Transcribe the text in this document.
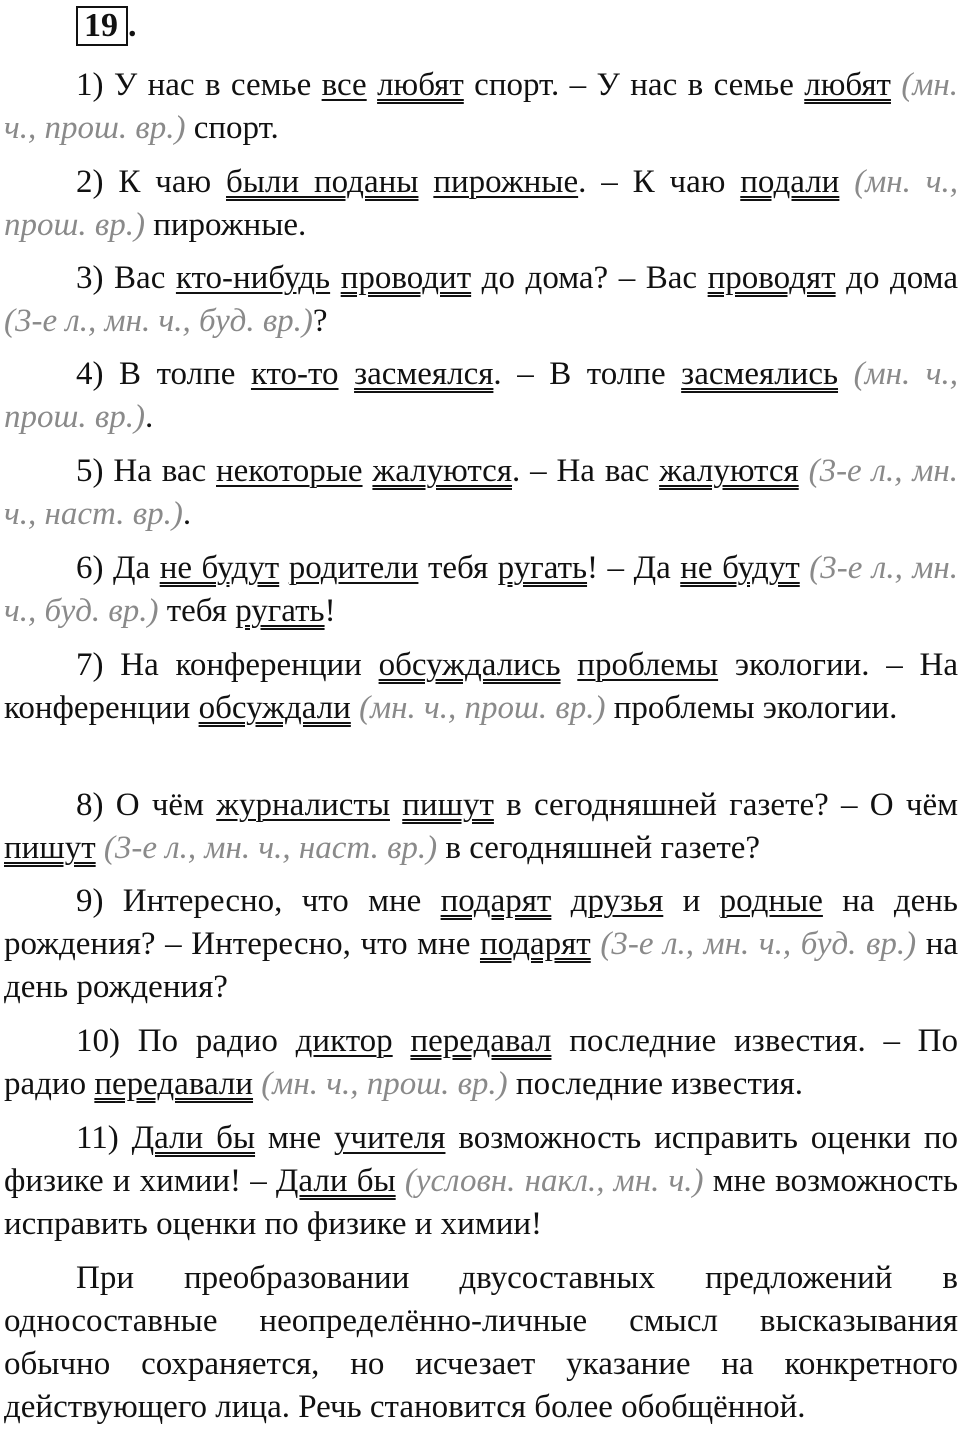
19 .

1) У нас в семье все любят спорт. – У нас в семье любят (мн. ч., прош. вр.) спорт.

2) К чаю были поданы пирожные. – К чаю подали (мн. ч., прош. вр.) пирожные.

3) Вас кто-нибудь проводит до дома? – Вас проводят до дома (3-е л., мн. ч., буд. вр.)?

4) В толпе кто-то засмеялся. – В толпе засмеялись (мн. ч., прош. вр.).

5) На вас некоторые жалуются. – На вас жалуются (3-е л., мн. ч., наст. вр.).

6) Да не будут родители тебя ругать! – Да не будут (3-е л., мн. ч., буд. вр.) тебя ругать!

7) На конференции обсуждались проблемы экологии. – На конференции обсуждали (мн. ч., прош. вр.) проблемы экологии.

8) О чём журналисты пишут в сегодняшней газете? – О чём пишут (3-е л., мн. ч., наст. вр.) в сегодняшней газете?

9) Интересно, что мне подарят друзья и родные на день рождения? – Интересно, что мне подарят (3-е л., мн. ч., буд. вр.) на день рождения?

10) По радио диктор передавал последние известия. – По радио передавали (мн. ч., прош. вр.) последние известия.

11) Дали бы мне учителя возможность исправить оценки по физике и химии! – Дали бы (условн. накл., мн. ч.) мне возможность исправить оценки по физике и химии!

При преобразовании двусоставных предложений в односоставные неопределённо-личные смысл высказывания обычно сохраняется, но исчезает указание на конкретного действующего лица. Речь становится более обобщённой.
